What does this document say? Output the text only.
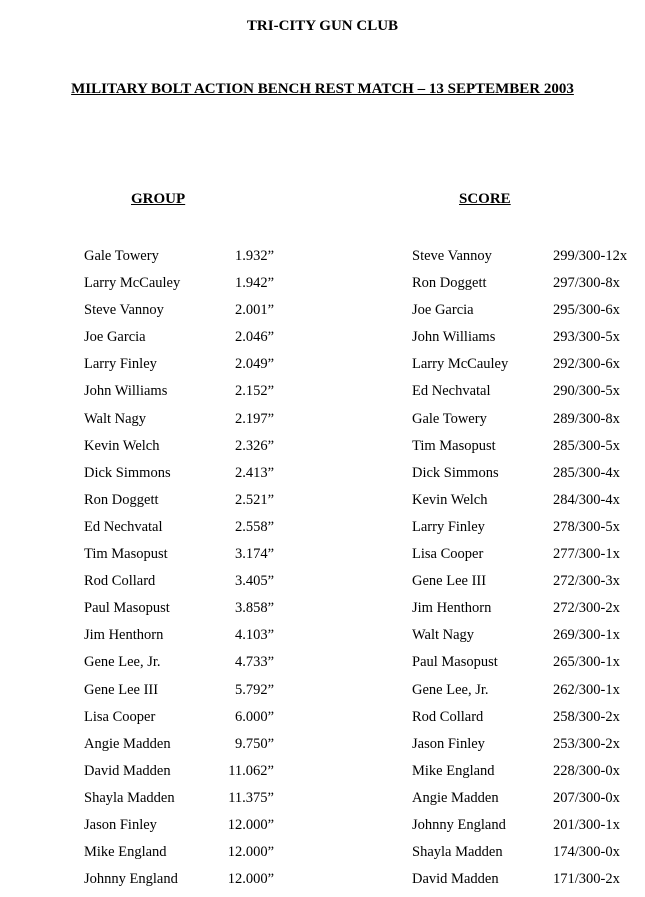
TRI-CITY GUN CLUB
MILITARY BOLT ACTION BENCH REST MATCH – 13 SEPTEMBER 2003
GROUP	SCORE
Gale Towery	1.932”
Larry McCauley	1.942”
Steve Vannoy	2.001”
Joe Garcia	2.046”
Larry Finley	2.049”
John Williams	2.152”
Walt Nagy	2.197”
Kevin Welch	2.326”
Dick Simmons	2.413”
Ron Doggett	2.521”
Ed Nechvatal	2.558”
Tim Masopust	3.174”
Rod Collard	3.405”
Paul Masopust	3.858”
Jim Henthorn	4.103”
Gene Lee, Jr.	4.733”
Gene Lee III	5.792”
Lisa Cooper	6.000”
Angie Madden	9.750”
David Madden	11.062”
Shayla Madden	11.375”
Jason Finley	12.000”
Mike England	12.000”
Johnny England	12.000”
Steve Vannoy	299/300-12x
Ron Doggett	297/300-8x
Joe Garcia	295/300-6x
John Williams	293/300-5x
Larry McCauley	292/300-6x
Ed Nechvatal	290/300-5x
Gale Towery	289/300-8x
Tim Masopust	285/300-5x
Dick Simmons	285/300-4x
Kevin Welch	284/300-4x
Larry Finley	278/300-5x
Lisa Cooper	277/300-1x
Gene Lee III	272/300-3x
Jim Henthorn	272/300-2x
Walt Nagy	269/300-1x
Paul Masopust	265/300-1x
Gene Lee, Jr.	262/300-1x
Rod Collard	258/300-2x
Jason Finley	253/300-2x
Mike England	228/300-0x
Angie Madden	207/300-0x
Johnny England	201/300-1x
Shayla Madden	174/300-0x
David Madden	171/300-2x
